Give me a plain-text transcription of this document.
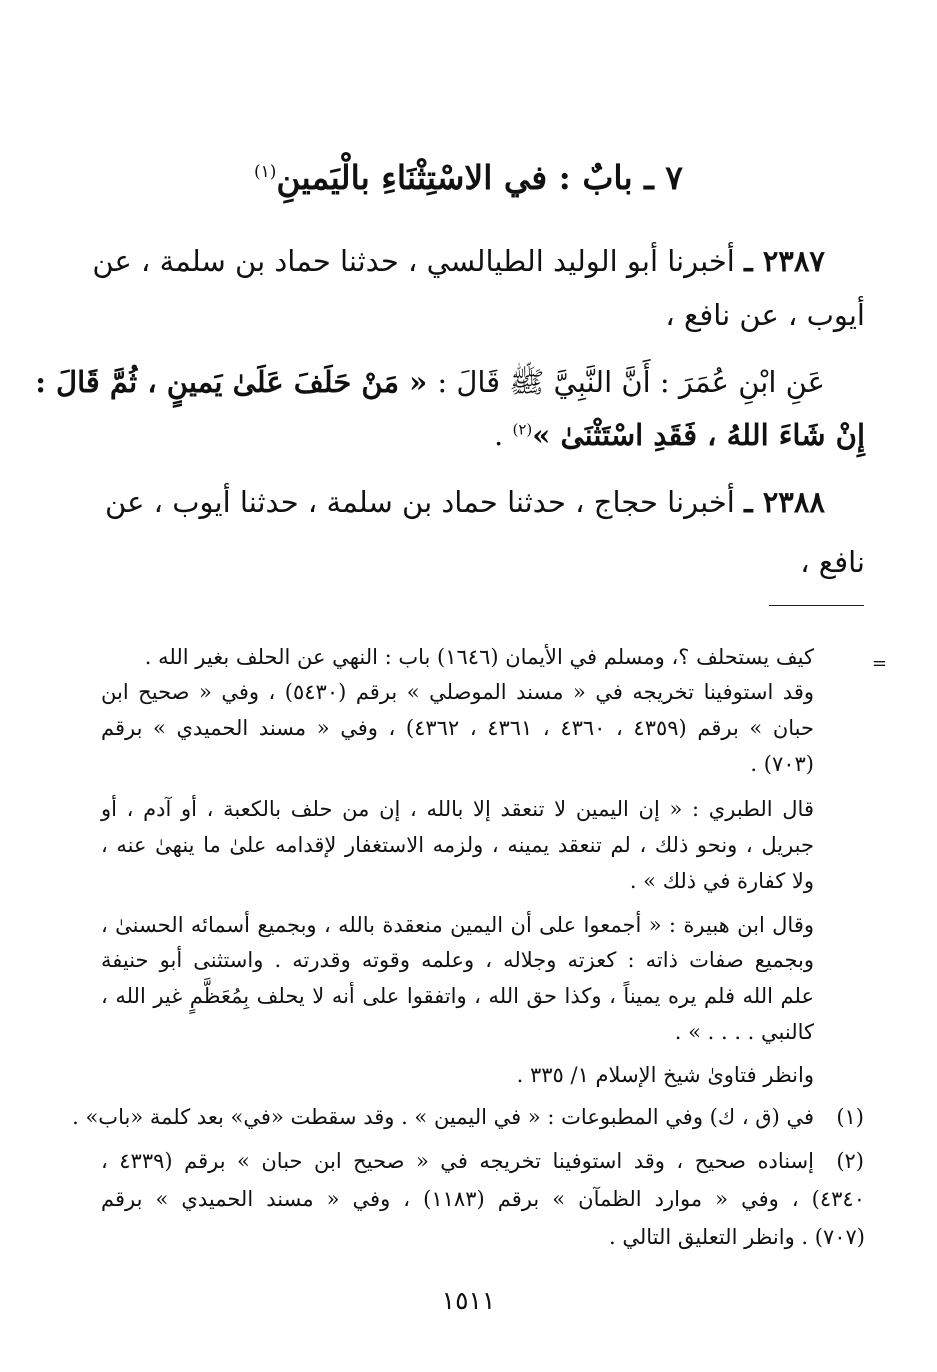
٧ ـ بابٌ : في الاسْتِثْنَاءِ بالْيَمينِ$^{(١)}$
٢٣٨٧ ـ أخبرنا أبو الوليد الطيالسي ، حدثنا حماد بن سلمة ، عن
أيوب ، عن نافع ،
عَنِ ابْنِ عُمَرَ : أَنَّ النَّبِيَّ ﷺ قَالَ : « مَنْ حَلَفَ عَلَىٰ يَمينٍ ، ثُمَّ قَالَ :
إِنْ شَاءَ اللهُ ، فَقَدِ اسْتَثْنَىٰ »$^{(٢)}$ .
٢٣٨٨ ـ أخبرنا حجاج ، حدثنا حماد بن سلمة ، حدثنا أيوب ، عن
نافع ،
=
كيف يستحلف ؟، ومسلم في الأيمان (١٦٤٦) باب : النهي عن الحلف بغير الله .
وقد استوفينا تخريجه في « مسند الموصلي » برقم (٥٤٣٠) ، وفي « صحيح ابن
حبان » برقم (٤٣٥٩ ، ٤٣٦٠ ، ٤٣٦١ ، ٤٣٦٢) ، وفي « مسند الحميدي » برقم
(٧٠٣) .
قال الطبري : « إن اليمين لا تنعقد إلا بالله ، إن من حلف بالكعبة ، أو آدم ، أو
جبريل ، ونحو ذلك ، لم تنعقد يمينه ، ولزمه الاستغفار لإقدامه علىٰ ما ينهىٰ عنه ،
ولا كفارة في ذلك » .
وقال ابن هبيرة : « أجمعوا على أن اليمين منعقدة بالله ، وبجميع أسمائه الحسنىٰ ،
وبجميع صفات ذاته : كعزته وجلاله ، وعلمه وقوته وقدرته . واستثنى أبو حنيفة
علم الله فلم يره يميناً ، وكذا حق الله ، واتفقوا على أنه لا يحلف بِمُعَظَّمٍ غير الله ،
كالنبي . . . . » .
وانظر فتاوىٰ شيخ الإسلام ١/ ٣٣٥ .
(١)
في (ق ، ك) وفي المطبوعات : « في اليمين » . وقد سقطت «في» بعد كلمة «باب» .
(٢)
إسناده صحيح ، وقد استوفينا تخريجه في « صحيح ابن حبان » برقم (٤٣٣٩ ،
٤٣٤٠) ، وفي « موارد الظمآن » برقم (١١٨٣) ، وفي « مسند الحميدي » برقم
(٧٠٧) . وانظر التعليق التالي .
١٥١١
